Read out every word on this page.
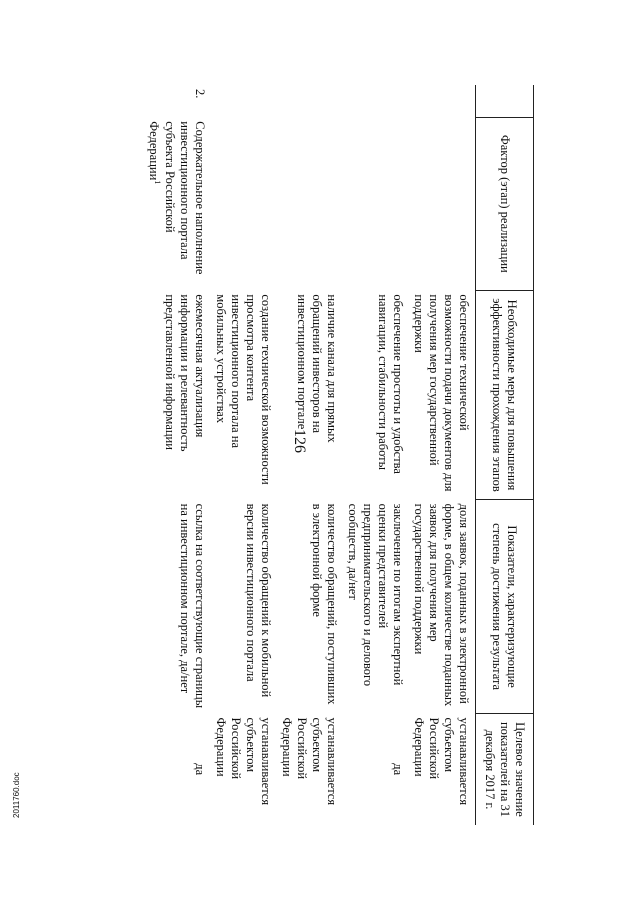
126
2011760.doc
	Фактор (этап) реализации	Необходимые меры для повышения эффективности прохождения этапов	Показатели, характеризующие степень достижения результата	Целевое значение показателей на 31 декабря 2017 г.
		обеспечение технической возможности подачи документов для получения мер государственной поддержки	доля заявок, поданных в электронной форме, в общем количестве поданных заявок для получения мер государственной поддержки	устанавливается субъектом Российской Федерации
		обеспечение простоты и удобства навигации, стабильности работы	заключение по итогам экспертной оценки представителей предпринимательского и делового сообществ, да/нет	да
		наличие канала для прямых обращений инвесторов на инвестиционном портале	количество обращений, поступивших в электронной форме	устанавливается субъектом Российской Федерации
		создание технической возможности просмотра контента инвестиционного портала на мобильных устройствах	количество обращений к мобильной версии инвестиционного портала	устанавливается субъектом Российской Федерации
2.	Содержательное наполнение инвестиционного портала субъекта Российской Федерации$^1$	ежемесячная актуализация информации и релевантность представленной информации	ссылка на соответствующие страницы на инвестиционном портале, да/нет	да
